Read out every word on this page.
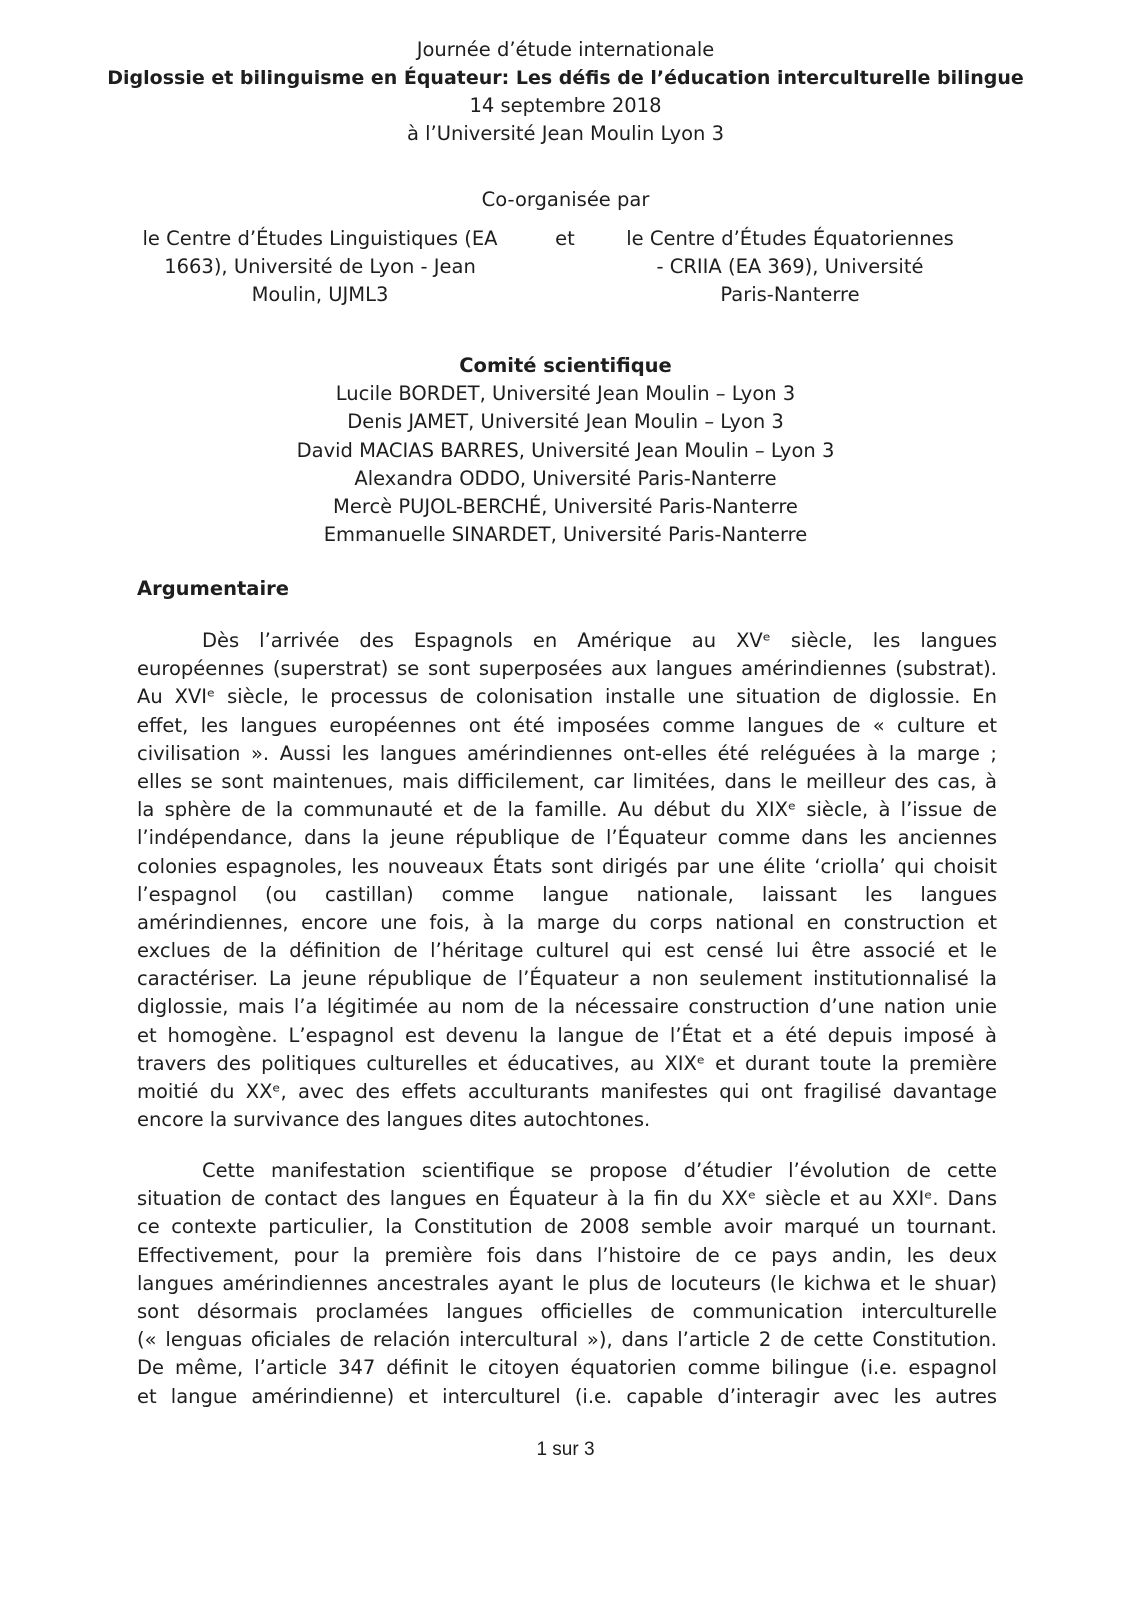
Journée d’étude internationale
Diglossie et bilinguisme en Équateur: Les défis de l’éducation interculturelle bilingue
14 septembre 2018
à l’Université Jean Moulin Lyon 3
Co-organisée par
le Centre d’Études Linguistiques (EA
1663), Université de Lyon - Jean
Moulin, UJML3
et	le Centre d’Études Équatoriennes
- CRIIA (EA 369), Université
Paris-Nanterre
Comité scientifique
Lucile BORDET, Université Jean Moulin – Lyon 3
Denis JAMET, Université Jean Moulin – Lyon 3
David MACIAS BARRES, Université Jean Moulin – Lyon 3
Alexandra ODDO, Université Paris-Nanterre
Mercè PUJOL-BERCHÉ, Université Paris-Nanterre
Emmanuelle SINARDET, Université Paris-Nanterre
Argumentaire
Dès l’arrivée des Espagnols en Amérique au XVᵉ siècle, les langues
européennes (superstrat) se sont superposées aux langues amérindiennes (substrat).
Au XVIᵉ siècle, le processus de colonisation installe une situation de diglossie. En
effet, les langues européennes ont été imposées comme langues de « culture et
civilisation ». Aussi les langues amérindiennes ont-elles été reléguées à la marge ;
elles se sont maintenues, mais difficilement, car limitées, dans le meilleur des cas, à
la sphère de la communauté et de la famille. Au début du XIXᵉ siècle, à l’issue de
l’indépendance, dans la jeune république de l’Équateur comme dans les anciennes
colonies espagnoles, les nouveaux États sont dirigés par une élite ‘criolla’ qui choisit
l’espagnol (ou castillan) comme langue nationale, laissant les langues
amérindiennes, encore une fois, à la marge du corps national en construction et
exclues de la définition de l’héritage culturel qui est censé lui être associé et le
caractériser. La jeune république de l’Équateur a non seulement institutionnalisé la
diglossie, mais l’a légitimée au nom de la nécessaire construction d’une nation unie
et homogène. L’espagnol est devenu la langue de l’État et a été depuis imposé à
travers des politiques culturelles et éducatives, au XIXᵉ et durant toute la première
moitié du XXᵉ, avec des effets acculturants manifestes qui ont fragilisé davantage
encore la survivance des langues dites autochtones.
Cette manifestation scientifique se propose d’étudier l’évolution de cette
situation de contact des langues en Équateur à la fin du XXᵉ siècle et au XXIᵉ. Dans
ce contexte particulier, la Constitution de 2008 semble avoir marqué un tournant.
Effectivement, pour la première fois dans l’histoire de ce pays andin, les deux
langues amérindiennes ancestrales ayant le plus de locuteurs (le kichwa et le shuar)
sont désormais proclamées langues officielles de communication interculturelle
(« lenguas oficiales de relación intercultural »), dans l’article 2 de cette Constitution.
De même, l’article 347 définit le citoyen équatorien comme bilingue (i.e. espagnol
et langue amérindienne) et interculturel (i.e. capable d’interagir avec les autres
1 sur 3
